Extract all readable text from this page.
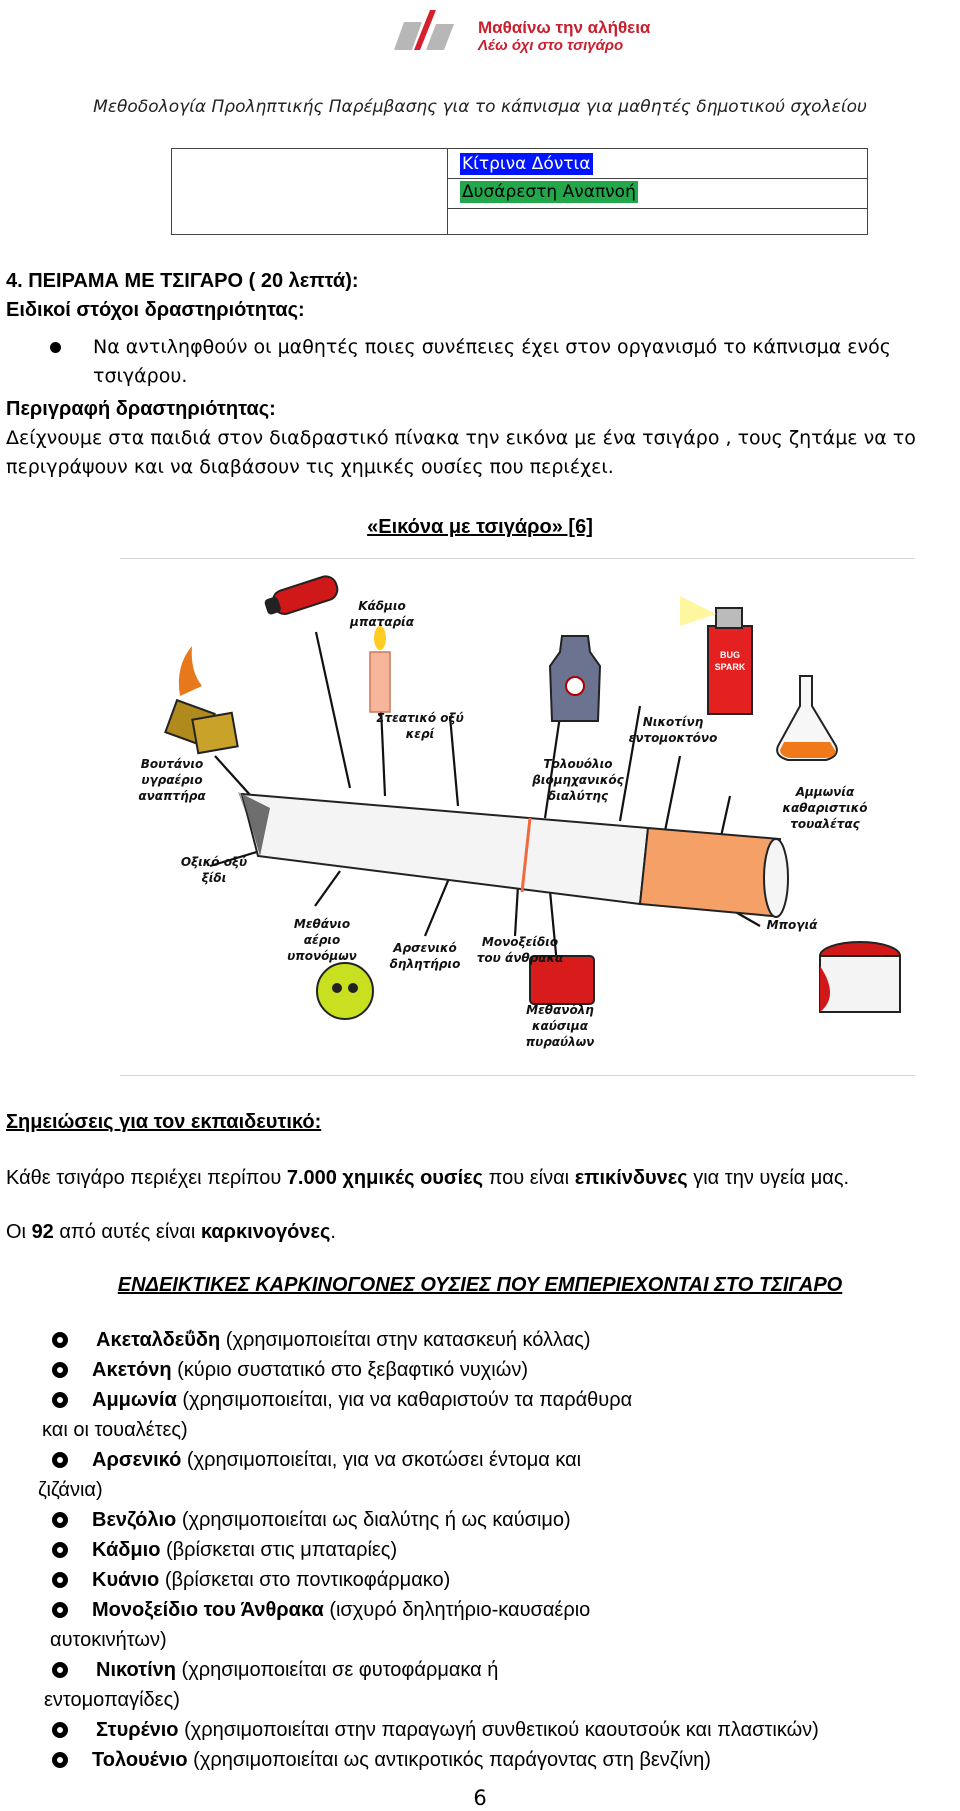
Μαθαίνω την αλήθεια
Λέω όχι στο τσιγάρο
Μεθοδολογία Προληπτικής Παρέμβασης για το κάπνισμα για μαθητές δημοτικού σχολείου
Κίτρινα Δόντια
Δυσάρεστη Αναπνοή
4. ΠΕΙΡΑΜΑ ΜΕ ΤΣΙΓΑΡΟ ( 20 λεπτά):
Ειδικοί στόχοι δραστηριότητας:
Να αντιληφθούν οι μαθητές ποιες συνέπειες έχει στον οργανισμό το κάπνισμα ενός
τσιγάρου.
Περιγραφή δραστηριότητας:
Δείχνουμε στα παιδιά στον διαδραστικό πίνακα την εικόνα με ένα τσιγάρο , τους ζητάμε να το
περιγράψουν και να διαβάσουν τις χημικές ουσίες που περιέχει.
«Εικόνα με τσιγάρο» [6]
Κάδμιο
μπαταρία
Στεατικό οξύ
κερί
Νικοτίνη
εντομοκτόνο
Βουτάνιο
υγραέριο
αναπτήρα
Τολουόλιο
βιομηχανικός
διαλύτης	Αμμωνία
καθαριστικό
τουαλέτας
Οξικό οξύ
ξίδι
Μεθάνιο
αέριο
υπονόμων
Αρσενικό
δηλητήριο
Μονοξείδιο
του άνθρακα
Μπογιά
Μεθανόλη
καύσιμα
πυραύλων
BUG
SPARK
Σημειώσεις για τον εκπαιδευτικό:
Κάθε τσιγάρο περιέχει περίπου 7.000 χημικές ουσίες που είναι επικίνδυνες για την υγεία μας.
Οι 92 από αυτές είναι καρκινογόνες.
ΕΝΔΕΙΚΤΙΚΕΣ ΚΑΡΚΙΝΟΓΟΝΕΣ ΟΥΣΙΕΣ ΠΟΥ ΕΜΠΕΡΙΕΧΟΝΤΑΙ ΣΤΟ ΤΣΙΓΑΡΟ
Ακεταλδεΰδη (χρησιμοποιείται στην κατασκευή κόλλας)
Ακετόνη (κύριο συστατικό στο ξεβαφτικό νυχιών)
Αμμωνία (χρησιμοποιείται, για να καθαριστούν τα παράθυρα
και οι τουαλέτες)
Αρσενικό (χρησιμοποιείται, για να σκοτώσει έντομα και
ζιζάνια)
Βενζόλιο (χρησιμοποιείται ως διαλύτης ή ως καύσιμο)
Κάδμιο (βρίσκεται στις μπαταρίες)
Κυάνιο (βρίσκεται στο ποντικοφάρμακο)
Μονοξείδιο του Άνθρακα (ισχυρό δηλητήριο-καυσαέριο
αυτοκινήτων)
Νικοτίνη (χρησιμοποιείται σε φυτοφάρμακα ή
εντομοπαγίδες)
Στυρένιο (χρησιμοποιείται στην παραγωγή συνθετικού καουτσούκ και πλαστικών)
Τολουένιο (χρησιμοποιείται ως αντικροτικός παράγοντας στη βενζίνη)
6
